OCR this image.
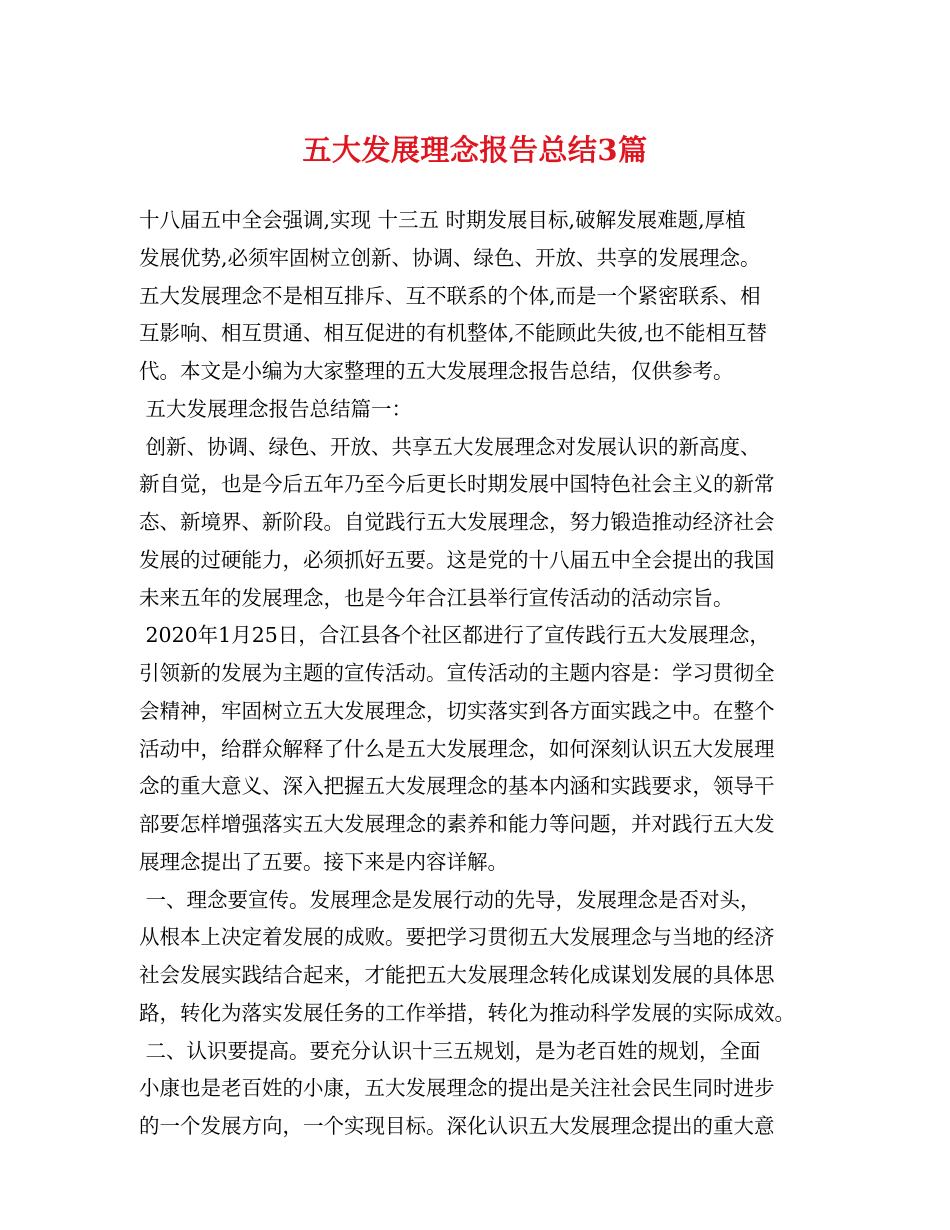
五大发展理念报告总结3篇
十八届五中全会强调,实现 十三五 时期发展目标,破解发展难题,厚植
发展优势,必须牢固树立创新、协调、绿色、开放、共享的发展理念。
五大发展理念不是相互排斥、互不联系的个体,而是一个紧密联系、相
互影响、相互贯通、相互促进的有机整体,不能顾此失彼,也不能相互替
代。本文是小编为大家整理的五大发展理念报告总结，仅供参考。
五大发展理念报告总结篇一：
创新、协调、绿色、开放、共享五大发展理念对发展认识的新高度、
新自觉，也是今后五年乃至今后更长时期发展中国特色社会主义的新常
态、新境界、新阶段。自觉践行五大发展理念，努力锻造推动经济社会
发展的过硬能力，必须抓好五要。这是党的十八届五中全会提出的我国
未来五年的发展理念，也是今年合江县举行宣传活动的活动宗旨。
2020年1月25日，合江县各个社区都进行了宣传践行五大发展理念，
引领新的发展为主题的宣传活动。宣传活动的主题内容是：学习贯彻全
会精神，牢固树立五大发展理念，切实落实到各方面实践之中。在整个
活动中，给群众解释了什么是五大发展理念，如何深刻认识五大发展理
念的重大意义、深入把握五大发展理念的基本内涵和实践要求，领导干
部要怎样增强落实五大发展理念的素养和能力等问题，并对践行五大发
展理念提出了五要。接下来是内容详解。
一、理念要宣传。发展理念是发展行动的先导，发展理念是否对头，
从根本上决定着发展的成败。要把学习贯彻五大发展理念与当地的经济
社会发展实践结合起来，才能把五大发展理念转化成谋划发展的具体思
路，转化为落实发展任务的工作举措，转化为推动科学发展的实际成效。
二、认识要提高。要充分认识十三五规划，是为老百姓的规划，全面
小康也是老百姓的小康，五大发展理念的提出是关注社会民生同时进步
的一个发展方向，一个实现目标。深化认识五大发展理念提出的重大意
